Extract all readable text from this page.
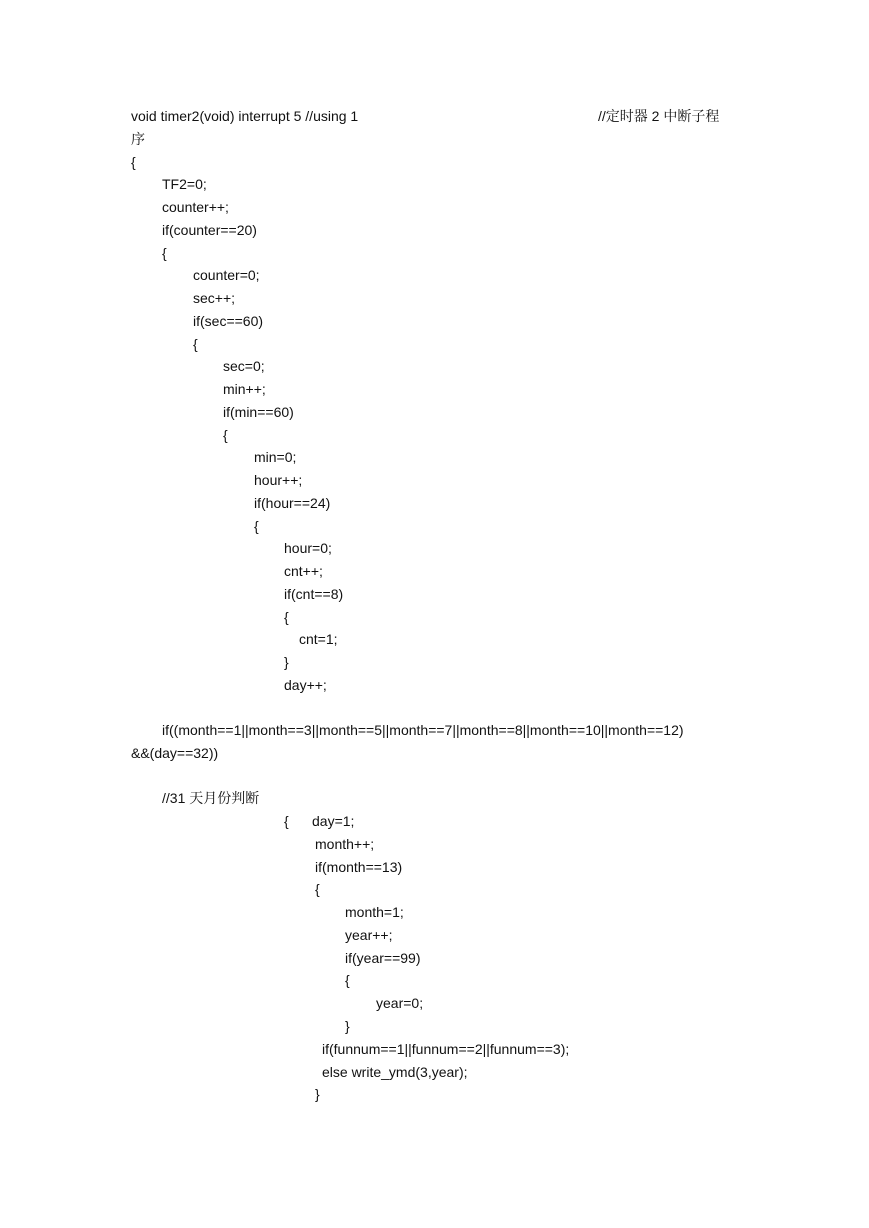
void timer2(void) interrupt 5 //using 1	//定时器 2 中断子程
序
{
TF2=0;
counter++;
if(counter==20)
{
counter=0;
sec++;
if(sec==60)
{
sec=0;
min++;
if(min==60)
{
min=0;
hour++;
if(hour==24)
{
hour=0;
cnt++;
if(cnt==8)
{
cnt=1;
}
day++;
if((month==1||month==3||month==5||month==7||month==8||month==10||month==12)
&&(day==32))
//31 天月份判断
{      day=1;
month++;
if(month==13)
{
month=1;
year++;
if(year==99)
{
year=0;
}
if(funnum==1||funnum==2||funnum==3);
else write_ymd(3,year);
}
